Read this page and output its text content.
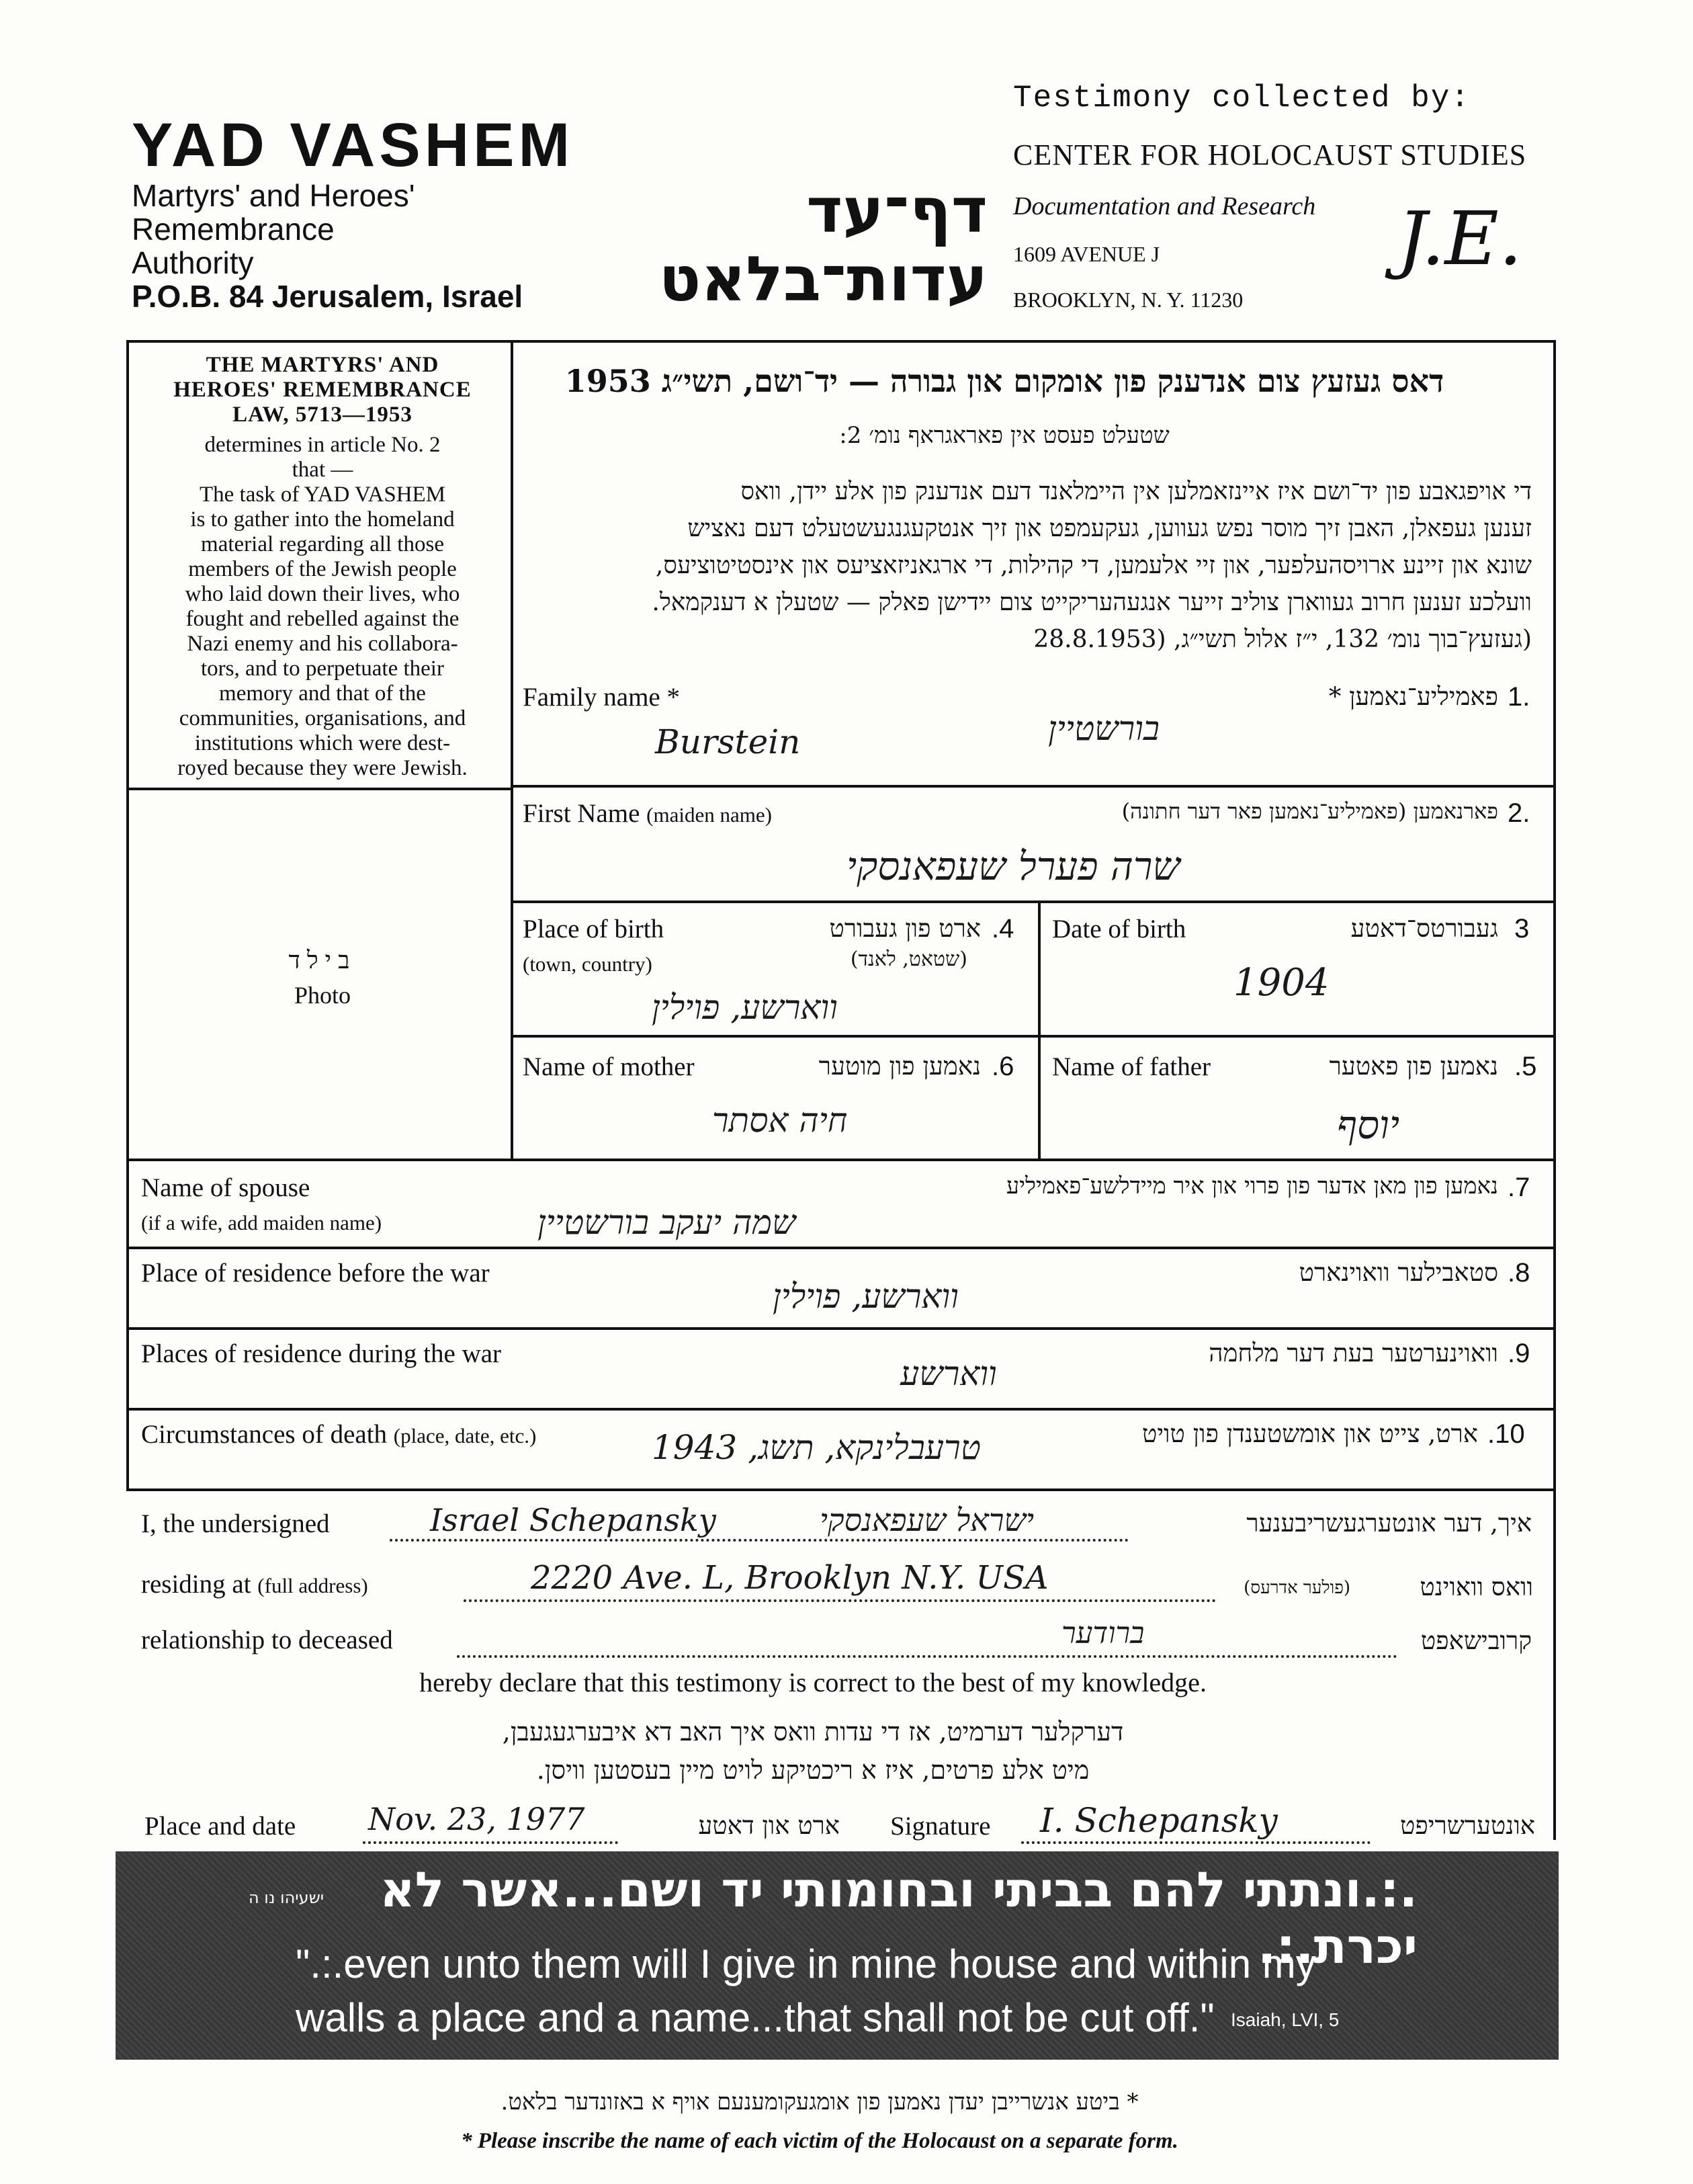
YAD VASHEM
Martyrs' and Heroes'
Remembrance
Authority
P.O.B. 84 Jerusalem, Israel
דף־עד
עדות־בלאט
Testimony collected by:
CENTER FOR HOLOCAUST STUDIES
Documentation and Research
1609 AVENUE J
BROOKLYN, N. Y. 11230
J.E.
THE MARTYRS' AND
HEROES' REMEMBRANCE
LAW, 5713—1953
determines in article No. 2
that —
The task of YAD VASHEM
is to gather into the homeland
material regarding all those
members of the Jewish people
who laid down their lives, who
fought and rebelled against the
Nazi enemy and his collabora-
tors, and to perpetuate their
memory and that of the
communities, organisations, and
institutions which were dest-
royed because they were Jewish.
בילד
Photo
דאס געזעץ צום אנדענק פון אומקום און גבורה — יד־ושם, תשי״ג 1953
שטעלט פעסט אין פאראגראף נומ׳ 2:
די אויפגאבע פון יד־ושם איז איינזאמלען אין היימלאנד דעם אנדענק פון אלע יידן, וואס
זענען געפאלן, האבן זיך מוסר נפש געווען, געקעמפט און זיך אנטקעגנגעשטעלט דעם נאציש
שונא און זיינע ארויסהעלפער, און זיי אלעמען, די קהילות, די ארגאניזאציעס און אינסטיטוציעס,
וועלכע זענען חרוב געווארן צוליב זייער אנגעהעריקייט צום יידישן פאלק — שטעלן א דענקמאל.
(געזעץ־בוך נומ׳ 132, י״ז אלול תשי״ג, (28.8.1953
Family name *	פאמיליע־נאמען * 1.
Burstein	בורשטיין
First Name (maiden name)	פארנאמען (פאמיליע־נאמען פאר דער חתונה) 2.
שרה פערל שעפאנסקי
Place of birth
(town, country)
ארט פון געבורט
(שטאט, לאנד)
.4
ווארשע, פוילין
Date of birth	געבורטס־דאטע 3
1904
Name of mother	נאמען פון מוטער .6
חיה אסתר
Name of father	נאמען פון פאטער .5
יוסף
Name of spouse
(if a wife, add maiden name)
נאמען פון מאן אדער פון פרוי און איר מיידלשע־פאמיליע .7
שמה יעקב בורשטיין
Place of residence before the war	סטאבילער וואוינארט .8
ווארשע, פוילין
Places of residence during the war	וואוינערטער בעת דער מלחמה .9
ווארשע
Circumstances of death (place, date, etc.)	ארט, צייט און אומשטענדן פון טויט .10
טרעבלינקא, תשג, 1943
I, the undersigned	Israel Schepansky	ישראל שעפאנסקי	איך, דער אונטערגעשריבענער
residing at (full address)	2220 Ave. L, Brooklyn N.Y. USA	(פולער אדרעס)	וואס וואוינט
relationship to deceased	ברודער	קרובישאפט
hereby declare that this testimony is correct to the best of my knowledge.
דערקלער דערמיט, אז די עדות וואס איך האב דא איבערגעגעבן,
מיט אלע פרטים, איז א ריכטיקע לויט מיין בעסטען וויסן.
Place and date Nov. 23, 1977	ארט און דאטע Signature I. Schepansky	אונטערשריפט
.:.ונתתי להם בביתי ובחומותי יד ושם...אשר לא יכרת.:.
ישעיהו נו ה
".:.even unto them will I give in mine house and within my
walls a place and a name...that shall not be cut off." Isaiah, LVI, 5
* ביטע אנשרייבן יעדן נאמען פון אומגעקומענעם אויף א באזונדער בלאט.
* Please inscribe the name of each victim of the Holocaust on a separate form.
